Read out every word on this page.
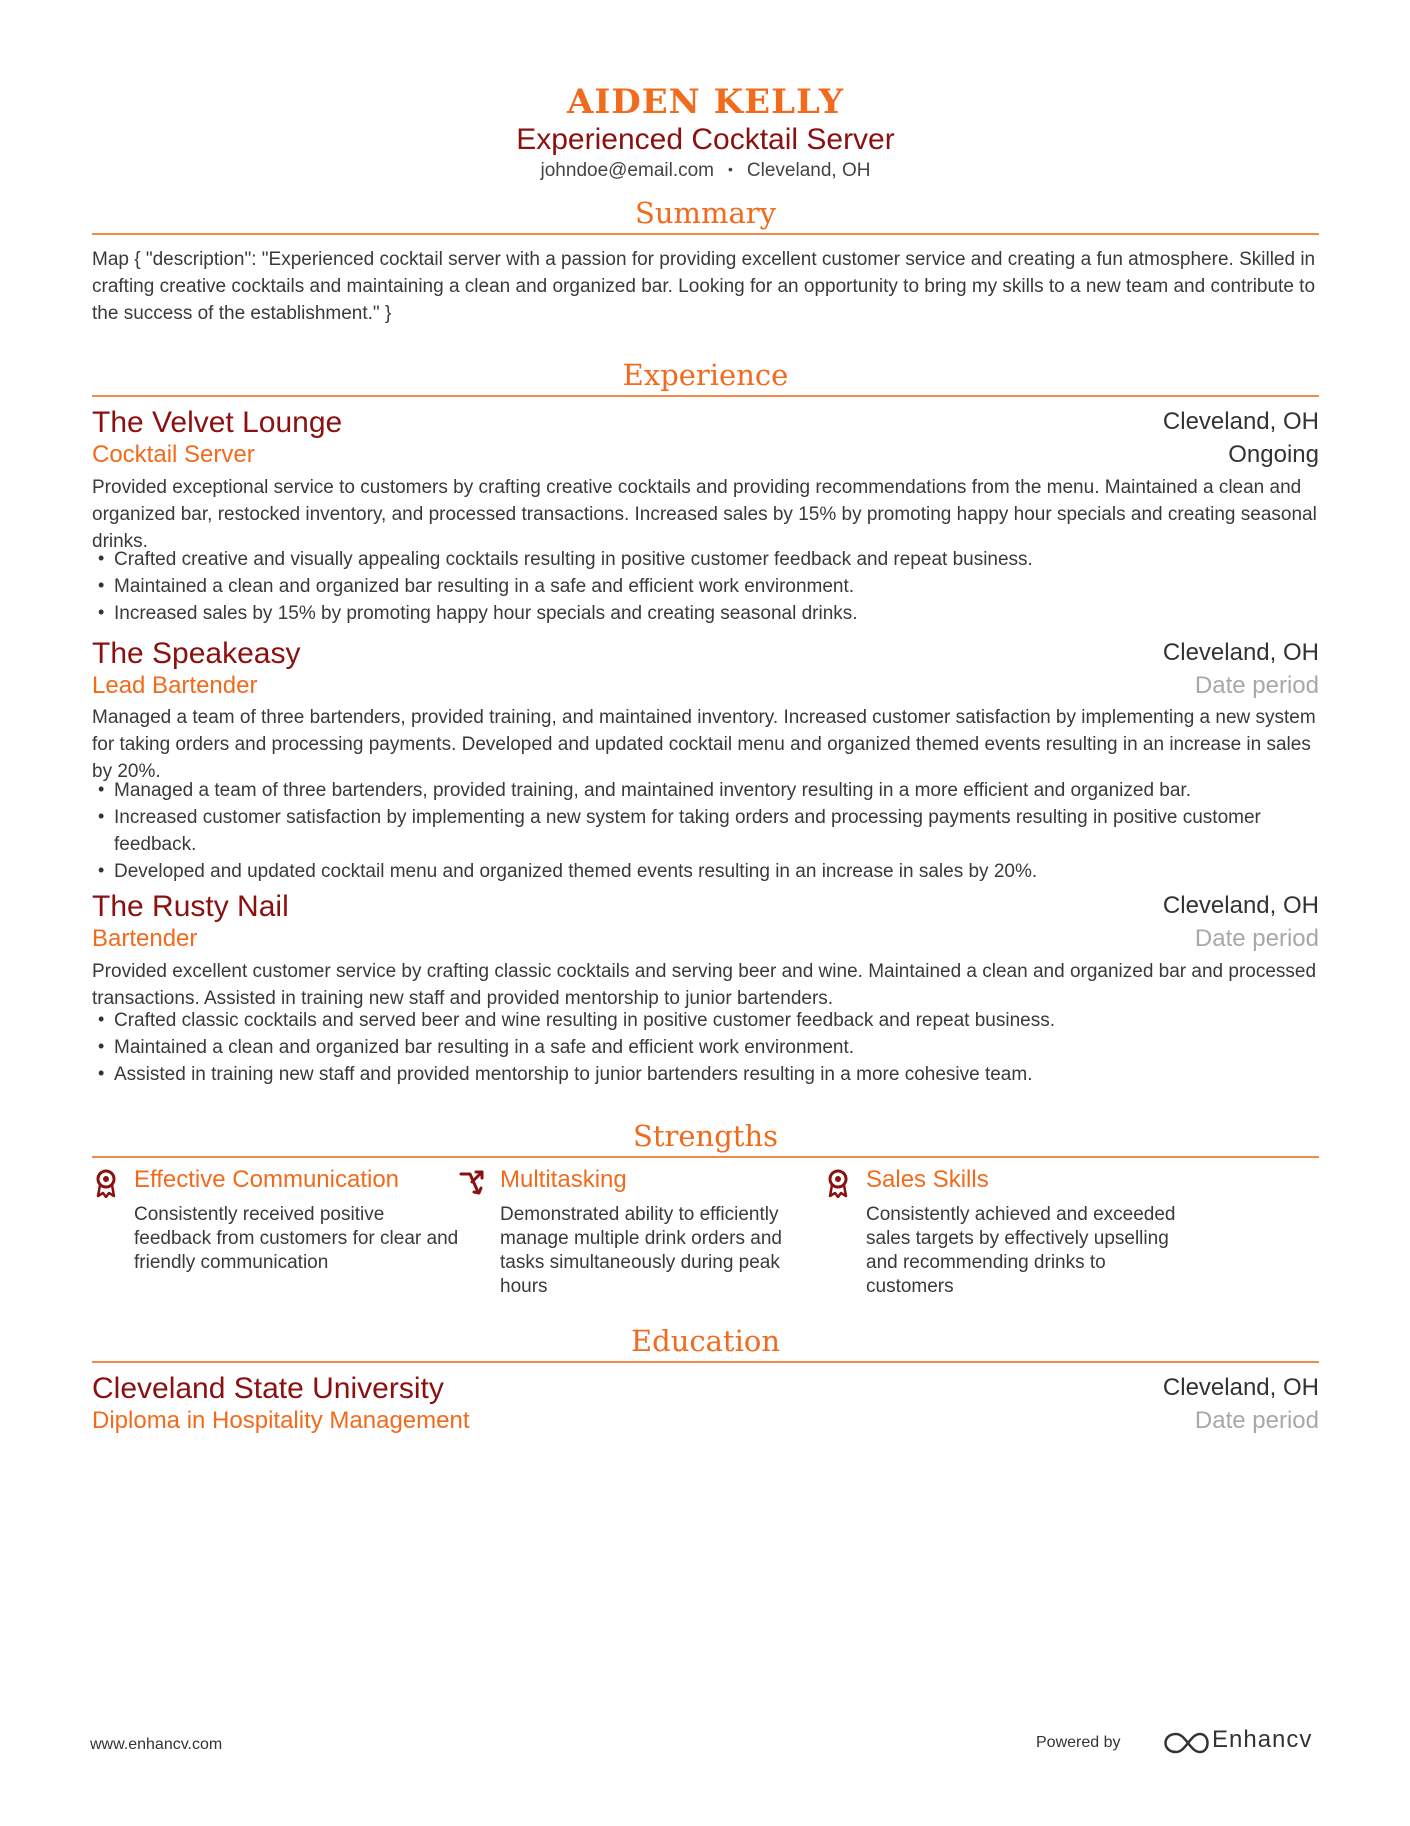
AIDEN KELLY
Experienced Cocktail Server
johndoe@email.com • Cleveland, OH
Summary

Map { "description": "Experienced cocktail server with a passion for providing excellent customer service and creating a fun atmosphere. Skilled in crafting creative cocktails and maintaining a clean and organized bar. Looking for an opportunity to bring my skills to a new team and contribute to the success of the establishment." }

Experience
The Velvet Lounge	Cleveland, OH
Cocktail Server	Ongoing

Provided exceptional service to customers by crafting creative cocktails and providing recommendations from the menu. Maintained a clean and organized bar, restocked inventory, and processed transactions. Increased sales by 15% by promoting happy hour specials and creating seasonal drinks.

• Crafted creative and visually appealing cocktails resulting in positive customer feedback and repeat business.
• Maintained a clean and organized bar resulting in a safe and efficient work environment.
• Increased sales by 15% by promoting happy hour specials and creating seasonal drinks.
The Speakeasy	Cleveland, OH
Lead Bartender	Date period

Managed a team of three bartenders, provided training, and maintained inventory. Increased customer satisfaction by implementing a new system for taking orders and processing payments. Developed and updated cocktail menu and organized themed events resulting in an increase in sales by 20%.

• Managed a team of three bartenders, provided training, and maintained inventory resulting in a more efficient and organized bar.
• Increased customer satisfaction by implementing a new system for taking orders and processing payments resulting in positive customer feedback.
• Developed and updated cocktail menu and organized themed events resulting in an increase in sales by 20%.
The Rusty Nail	Cleveland, OH
Bartender	Date period

Provided excellent customer service by crafting classic cocktails and serving beer and wine. Maintained a clean and organized bar and processed transactions. Assisted in training new staff and provided mentorship to junior bartenders.

• Crafted classic cocktails and served beer and wine resulting in positive customer feedback and repeat business.
• Maintained a clean and organized bar resulting in a safe and efficient work environment.
• Assisted in training new staff and provided mentorship to junior bartenders resulting in a more cohesive team.
Strengths
Effective Communication
Consistently received positive feedback from customers for clear and friendly communication
Multitasking
Demonstrated ability to efficiently manage multiple drink orders and tasks simultaneously during peak hours
Sales Skills
Consistently achieved and exceeded sales targets by effectively upselling and recommending drinks to customers
Education
Cleveland State University	Cleveland, OH
Diploma in Hospitality Management	Date period
www.enhancv.com	Powered by	Enhancv
